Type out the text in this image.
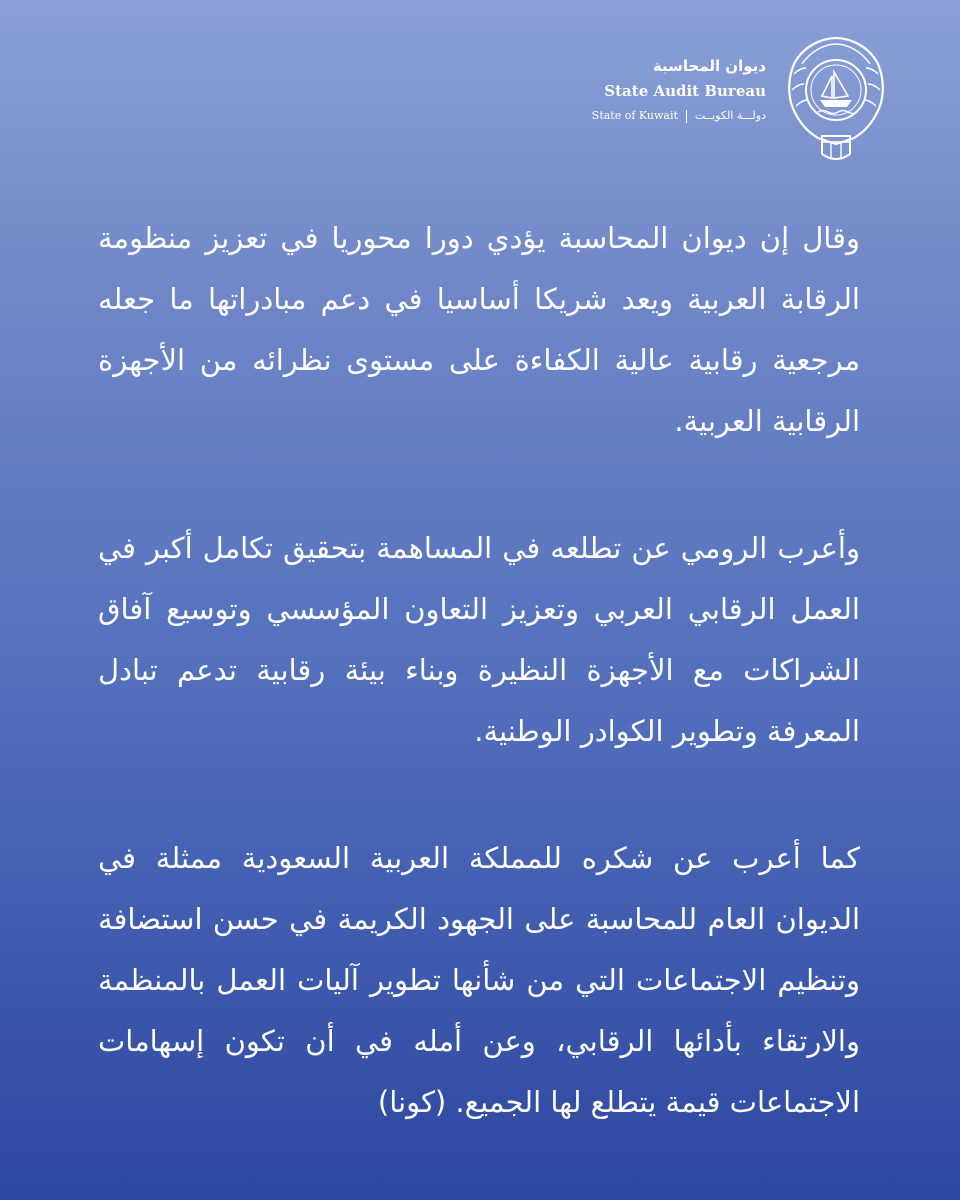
ديوان المحاسبة
State Audit Bureau
State of Kuwait دولـــة الكويــت

وقال إن ديوان المحاسبة يؤدي دورا محوريا في تعزيز منظومة الرقابة العربية ويعد شريكا أساسيا في دعم مبادراتها ما جعله مرجعية رقابية عالية الكفاءة على مستوى نظرائه من الأجهزة الرقابية العربية.

وأعرب الرومي عن تطلعه في المساهمة بتحقيق تكامل أكبر في العمل الرقابي العربي وتعزيز التعاون المؤسسي وتوسيع آفاق الشراكات مع الأجهزة النظيرة وبناء بيئة رقابية تدعم تبادل المعرفة وتطوير الكوادر الوطنية.

كما أعرب عن شكره للمملكة العربية السعودية ممثلة في الديوان العام للمحاسبة على الجهود الكريمة في حسن استضافة وتنظيم الاجتماعات التي من شأنها تطوير آليات العمل بالمنظمة والارتقاء بأدائها الرقابي، وعن أمله في أن تكون إسهامات الاجتماعات قيمة يتطلع لها الجميع. (كونا)
